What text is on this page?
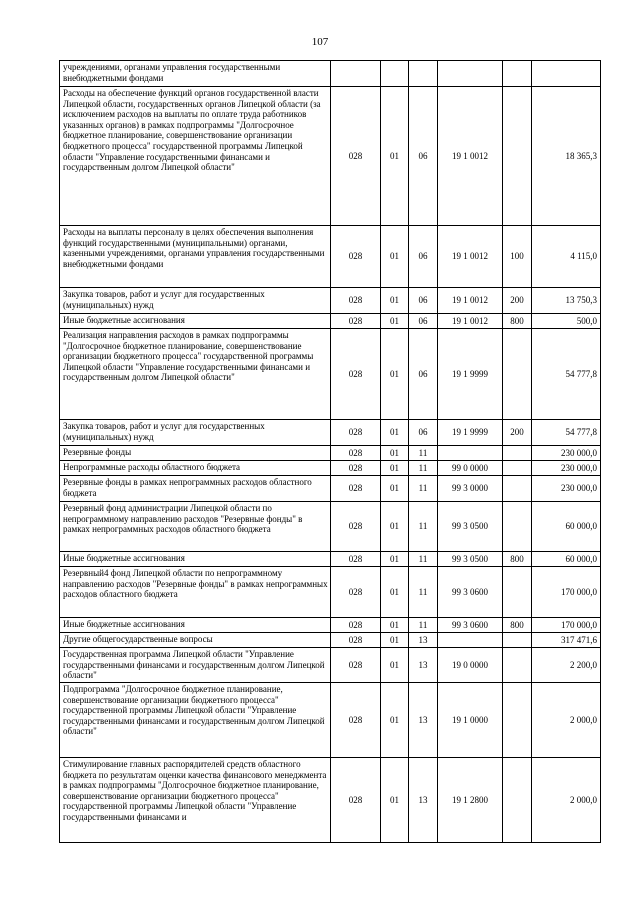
107
учреждениями, органами управления государственными внебюджетными фондами						
Расходы на обеспечение функций органов государственной власти Липецкой области, государственных органов Липецкой области (за исключением расходов на выплаты по оплате труда работников указанных органов) в рамках подпрограммы "Долгосрочное бюджетное планирование, совершенствование организации бюджетного процесса" государственной программы Липецкой области "Управление государственными финансами и государственным долгом Липецкой области"	028	01	06	19 1 0012		18 365,3
Расходы на выплаты персоналу в целях обеспечения выполнения функций государственными (муниципальными) органами, казенными учреждениями, органами управления государственными внебюджетными фондами	028	01	06	19 1 0012	100	4 115,0
Закупка товаров, работ и услуг для государственных (муниципальных) нужд	028	01	06	19 1 0012	200	13 750,3
Иные бюджетные ассигнования	028	01	06	19 1 0012	800	500,0
Реализация направления расходов в рамках подпрограммы "Долгосрочное бюджетное планирование, совершенствование организации бюджетного процесса" государственной программы Липецкой области "Управление государственными финансами и государственным долгом Липецкой области"	028	01	06	19 1 9999		54 777,8
Закупка товаров, работ и услуг для государственных (муниципальных) нужд	028	01	06	19 1 9999	200	54 777,8
Резервные фонды	028	01	11			230 000,0
Непрограммные расходы областного бюджета	028	01	11	99 0 0000		230 000,0
Резервные фонды в рамках непрограммных расходов областного бюджета	028	01	11	99 3 0000		230 000,0
Резервный фонд администрации Липецкой области по непрограммному направлению расходов "Резервные фонды" в рамках непрограммных расходов областного бюджета	028	01	11	99 3 0500		60 000,0
Иные бюджетные ассигнования	028	01	11	99 3 0500	800	60 000,0
Резервный4 фонд Липецкой области по непрограммному направлению расходов "Резервные фонды" в рамках непрограммных расходов областного бюджета	028	01	11	99 3 0600		170 000,0
Иные бюджетные ассигнования	028	01	11	99 3 0600	800	170 000,0
Другие общегосударственные вопросы	028	01	13			317 471,6
Государственная программа Липецкой области "Управление государственными финансами и государственным долгом Липецкой области"	028	01	13	19 0 0000		2 200,0
Подпрограмма "Долгосрочное бюджетное планирование, совершенствование организации бюджетного процесса" государственной программы Липецкой области "Управление государственными финансами и государственным долгом Липецкой области"	028	01	13	19 1 0000		2 000,0
Стимулирование главных распорядителей средств областного бюджета по результатам оценки качества финансового менеджмента в рамках подпрограммы "Долгосрочное бюджетное планирование, совершенствование организации бюджетного процесса" государственной программы Липецкой области "Управление государственными финансами и	028	01	13	19 1 2800		2 000,0
